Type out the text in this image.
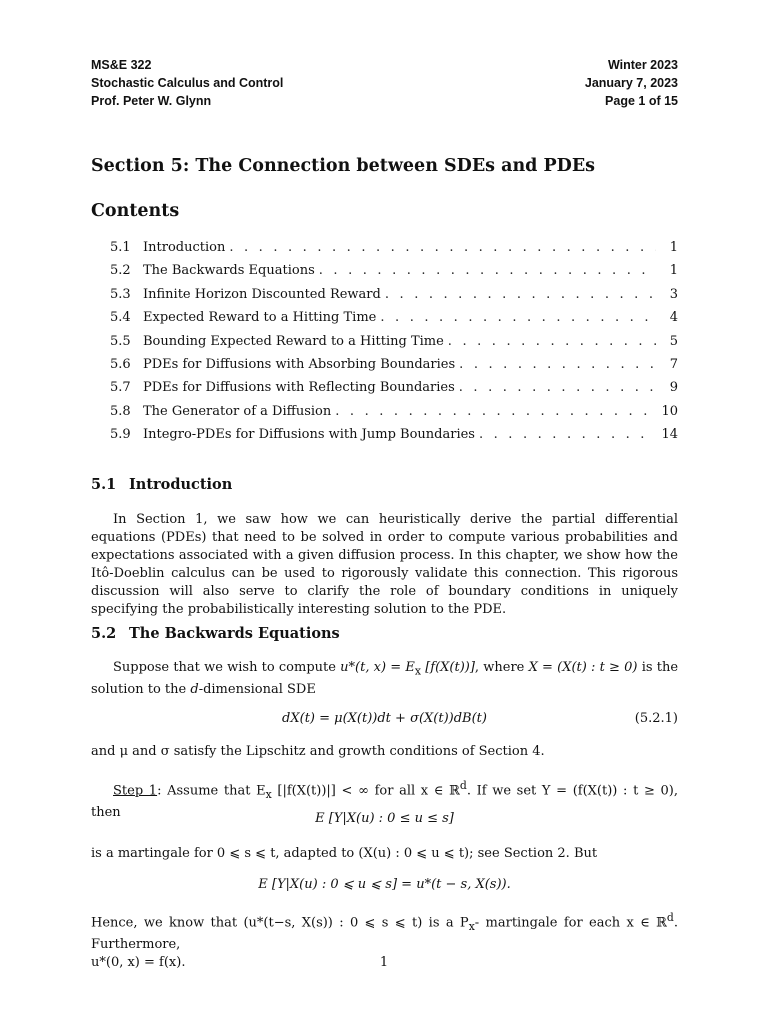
MS&E 322
Stochastic Calculus and Control
Prof. Peter W. Glynn
Winter 2023
January 7, 2023
Page 1 of 15
Section 5: The Connection between SDEs and PDEs
Contents
5.1 Introduction . . .	1
5.2 The Backwards Equations . . .	1
5.3 Infinite Horizon Discounted Reward . . .	3
5.4 Expected Reward to a Hitting Time . . .	4
5.5 Bounding Expected Reward to a Hitting Time . . .	5
5.6 PDEs for Diffusions with Absorbing Boundaries . . .	7
5.7 PDEs for Diffusions with Reflecting Boundaries . . .	9
5.8 The Generator of a Diffusion . . .	10
5.9 Integro-PDEs for Diffusions with Jump Boundaries . . .	14
5.1 Introduction
In Section 1, we saw how we can heuristically derive the partial differential equations (PDEs) that need to be solved in order to compute various probabilities and expectations associated with a given diffusion process. In this chapter, we show how the Itô-Doeblin calculus can be used to rigorously validate this connection. This rigorous discussion will also serve to clarify the role of boundary conditions in uniquely specifying the probabilistically interesting solution to the PDE.
5.2 The Backwards Equations
Suppose that we wish to compute u*(t, $x) = E_x$ [f(X(t))], where X = (X(t) : t ≥ 0) is the solution to the d-dimensional SDE
dX(t) = μ(X(t))dt + σ(X(t))dB(t)	(5.2.1)
and μ and σ satisfy the Lipschitz and growth conditions of Section 4.
Step 1: Assume that $E_x$ [|f(X(t))|] < ∞ for all x ∈ ℝ$^d$. If we set Y = (f(X(t)) : t ≥ 0), then	E [Y|X(u) : 0 ≤ u ≤ s]
is a martingale for 0 ⩽ s ⩽ t, adapted to (X(u) : 0 ⩽ u ⩽ t); see Section 2. But
E [Y|X(u) : 0 ⩽ u ⩽ s] = u*(t − s, X(s)).
Hence, we know that (u*(t−s, X(s)) : 0 ⩽ s ⩽ t) is a $P_x-$ martingale for each x ∈ ℝ$^d$. Furthermore,
u*(0, x) = f(x).	1
